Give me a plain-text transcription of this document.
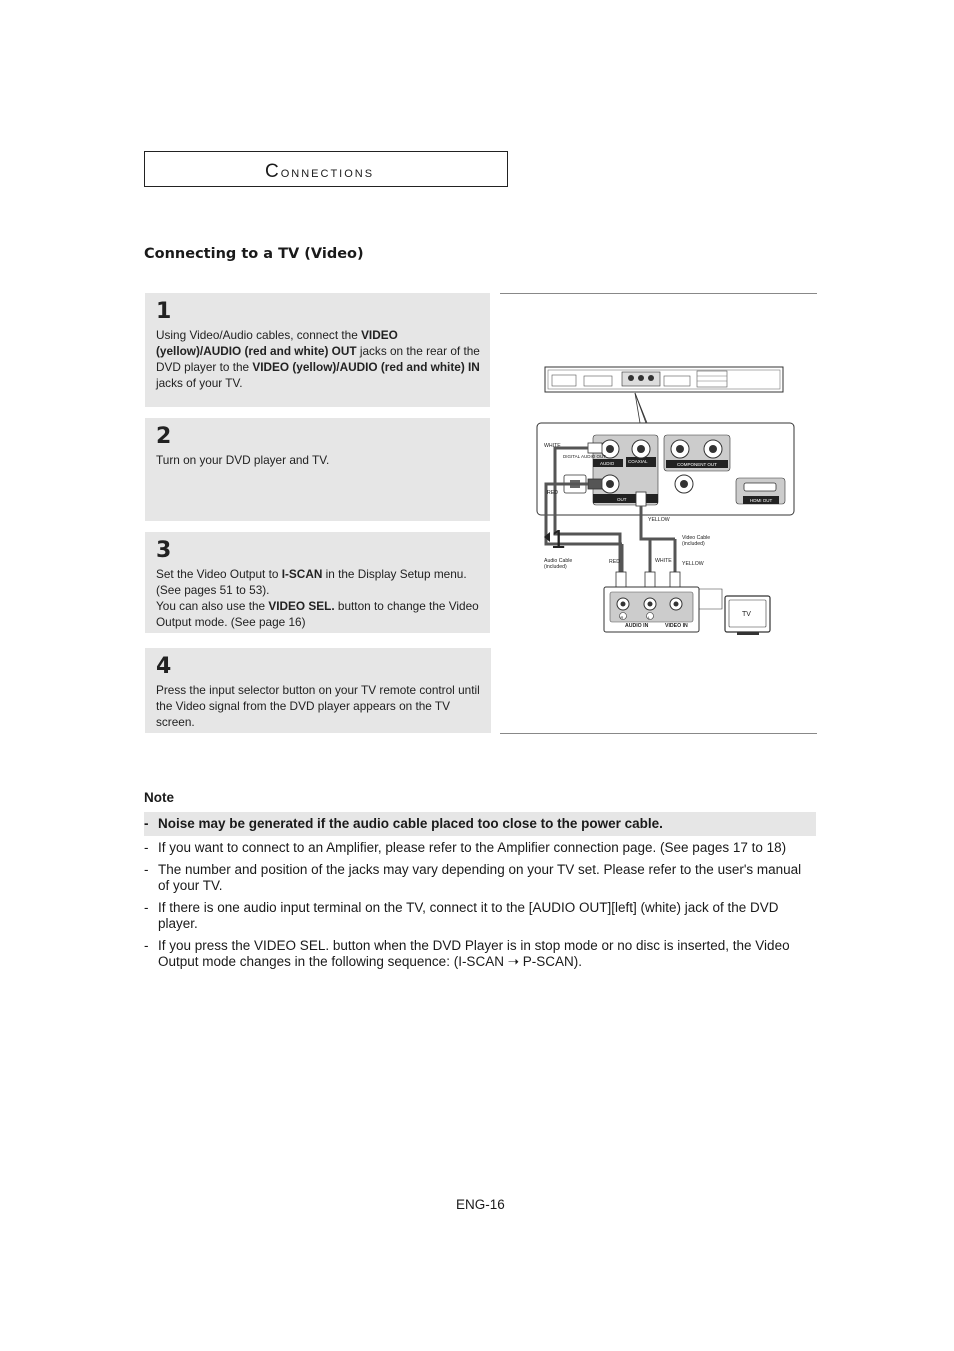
Connections
Connecting to a TV (Video)
1
Using Video/Audio cables, connect the VIDEO (yellow)/AUDIO (red and white) OUT jacks on the rear of the DVD player to the VIDEO (yellow)/AUDIO (red and white) IN jacks of your TV.
2
Turn on your DVD player and TV.
3
Set the Video Output to I-SCAN in the Display Setup menu. (See pages 51 to 53).
You can also use the VIDEO SEL. button to change the Video Output mode. (See page 16)
4
Press the input selector button on your TV remote control until the Video signal from the DVD player appears on the TV screen.
WHITE
RED
DIGITAL AUDIO OUT
AUDIO	COAXIAL
COMPONENT OUT
OPTICAL	OUT	HDMI OUT
YELLOW
Video Cable
(included)
Audio Cable
(included)
RED	WHITE YELLOW
AUDIO IN	VIDEO IN
R	L	TV
1
Note
- Noise may be generated if the audio cable placed too close to the power cable.
- If you want to connect to an Amplifier, please refer to the Amplifier connection page. (See pages 17 to 18)
- The number and position of the jacks may vary depending on your TV set. Please refer to the user's manual of your TV.
- If there is one audio input terminal on the TV, connect it to the [AUDIO OUT][left] (white) jack of the DVD player.
- If you press the VIDEO SEL. button when the DVD Player is in stop mode or no disc is inserted, the Video Output mode changes in the following sequence: (I-SCAN ➝ P-SCAN).
ENG-16
